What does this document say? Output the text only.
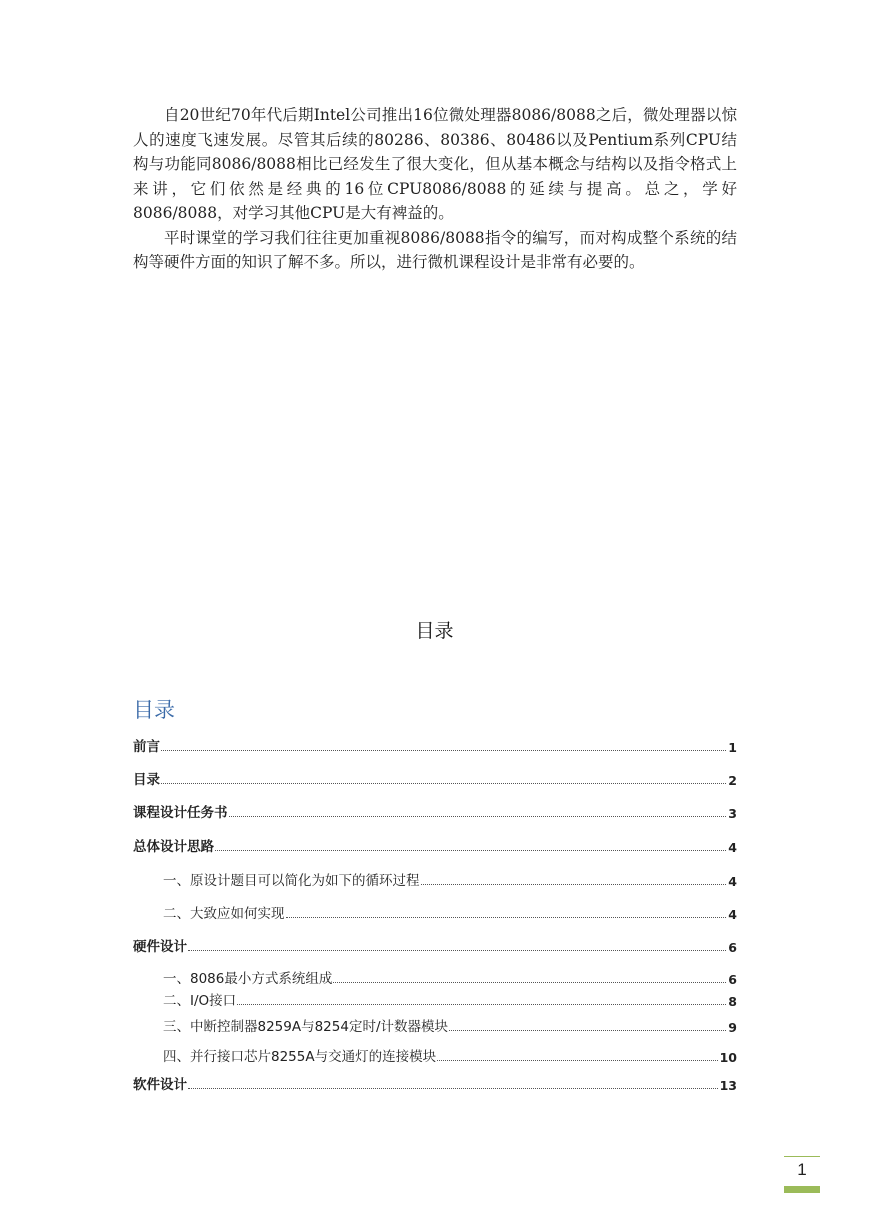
自20世纪70年代后期Intel公司推出16位微处理器8086/8088之后，微处理器以惊人的速度飞速发展。尽管其后续的80286、80386、80486以及Pentium系列CPU结构与功能同8086/8088相比已经发生了很大变化，但从基本概念与结构以及指令格式上来讲，它们依然是经典的16位CPU8086/8088的延续与提高。总之，学好8086/8088，对学习其他CPU是大有裨益的。

平时课堂的学习我们往往更加重视8086/8088指令的编写，而对构成整个系统的结构等硬件方面的知识了解不多。所以，进行微机课程设计是非常有必要的。

目录
目录
前言	1
目录	2
课程设计任务书	3
总体设计思路	4
一、原设计题目可以简化为如下的循环过程	4
二、大致应如何实现	4
硬件设计	6
一、8086最小方式系统组成	6
二、I/O接口	8
三、中断控制器8259A与8254定时/计数器模块	9
四、并行接口芯片8255A与交通灯的连接模块	10
软件设计	13
1
